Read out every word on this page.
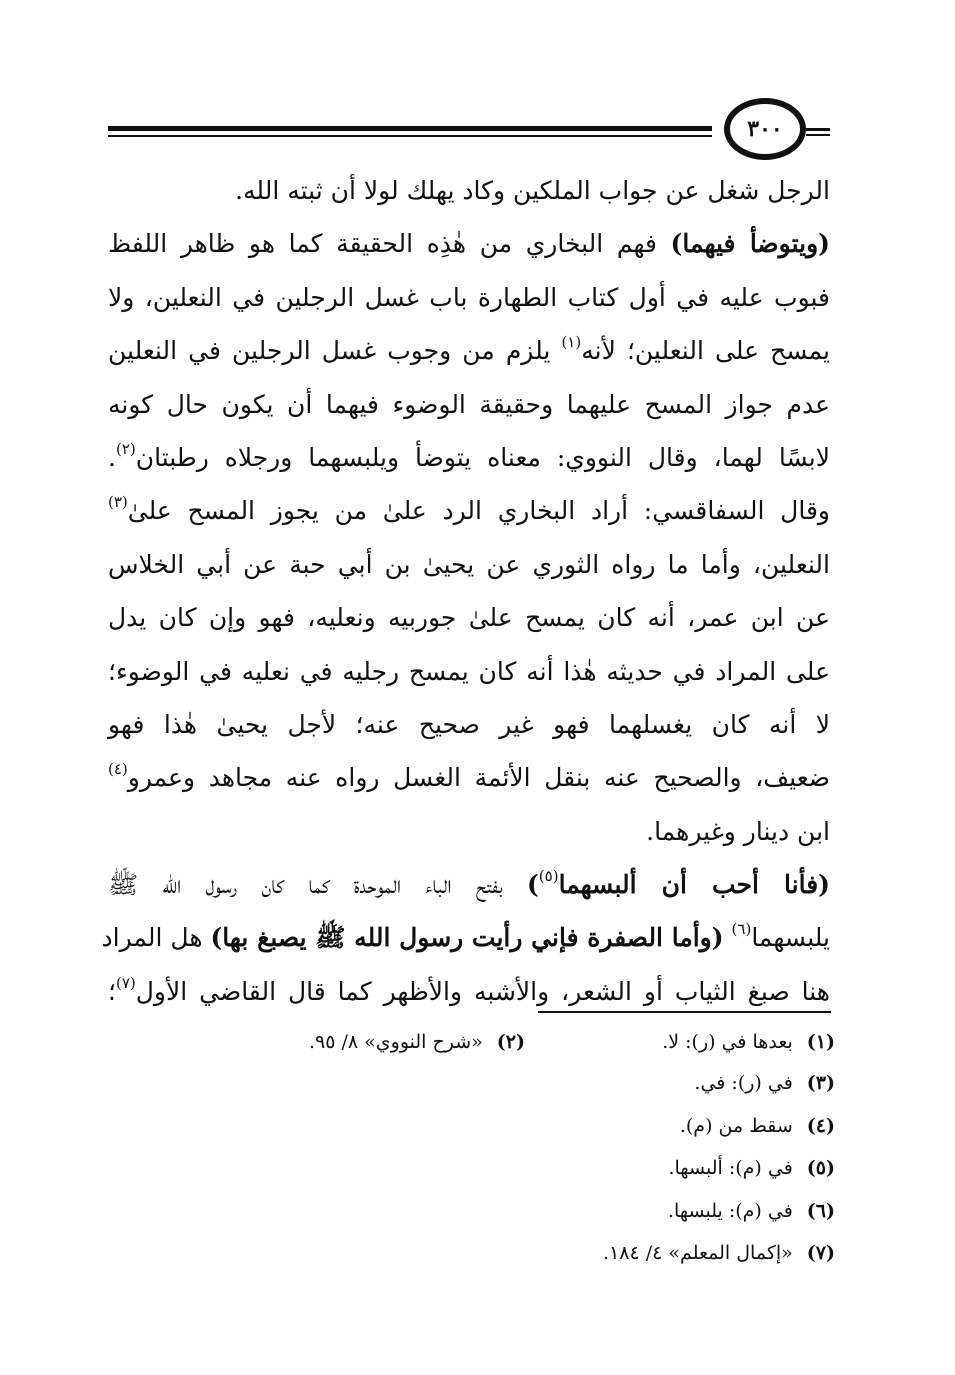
٣٠٠
الرجل شغل عن جواب الملكين وكاد يهلك لولا أن ثبته الله.
(ويتوضأ فيهما) فهم البخاري من هٰذِه الحقيقة كما هو ظاهر اللفظ
فبوب عليه في أول كتاب الطهارة باب غسل الرجلين في النعلين، ولا
يمسح على النعلين؛ لأنه$^{(١)}$ يلزم من وجوب غسل الرجلين في النعلين
عدم جواز المسح عليهما وحقيقة الوضوء فيهما أن يكون حال كونه
لابسًا لهما، وقال النووي: معناه يتوضأ ويلبسهما ورجلاه رطبتان$^{(٢)}$.
وقال السفاقسي: أراد البخاري الرد علىٰ من يجوز المسح علىٰ$^{(٣)}$
النعلين، وأما ما رواه الثوري عن يحيىٰ بن أبي حبة عن أبي الخلاس
عن ابن عمر، أنه كان يمسح علىٰ جوربيه ونعليه، فهو وإن كان يدل
على المراد في حديثه هٰذا أنه كان يمسح رجليه في نعليه في الوضوء؛
لا أنه كان يغسلهما فهو غير صحيح عنه؛ لأجل يحيىٰ هٰذا فهو
ضعيف، والصحيح عنه بنقل الأئمة الغسل رواه عنه مجاهد وعمرو$^{(٤)}$
ابن دينار وغيرهما.
(فأنا أحب أن ألبسهما$^{(٥)}$) بفتح الباء الموحدة كما كان رسول الله ﷺ
يلبسهما$^{(٦)}$ (وأما الصفرة فإني رأيت رسول الله ﷺ يصبغ بها) هل المراد
هنا صبغ الثياب أو الشعر، والأشبه والأظهر كما قال القاضي الأول$^{(٧)}$؛
(١)بعدها في (ر): لا.
(٢)«شرح النووي» ٨/ ٩٥.
(٣)في (ر): في.
(٤)سقط من (م).
(٥)في (م): ألبسها.
(٦)في (م): يلبسها.
(٧)«إكمال المعلم» ٤/ ١٨٤.
